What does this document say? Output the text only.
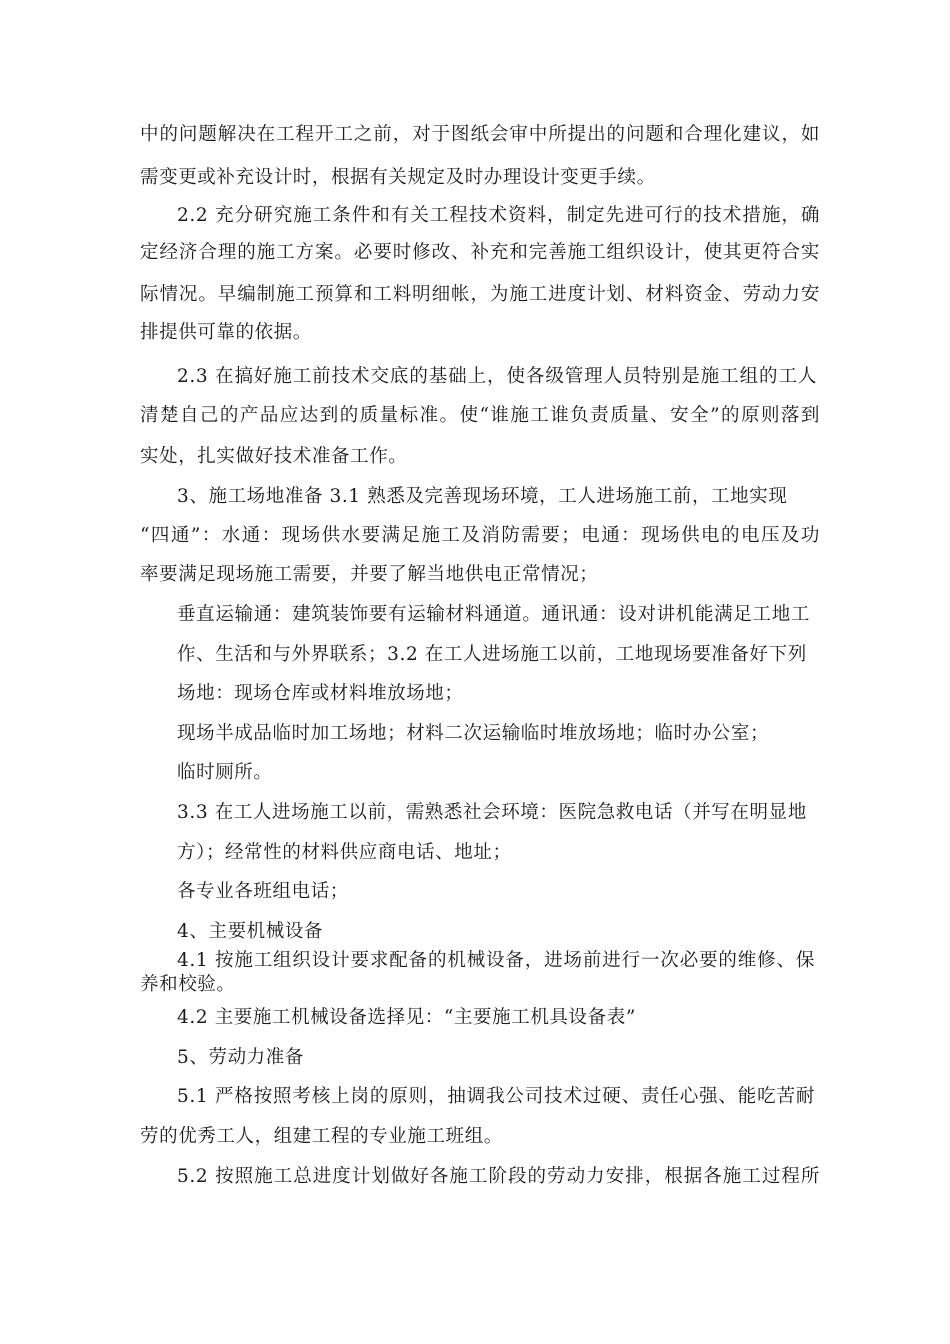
中的问题解决在工程开工之前，对于图纸会审中所提出的问题和合理化建议，如
需变更或补充设计时，根据有关规定及时办理设计变更手续。
2.2 充分研究施工条件和有关工程技术资料，制定先进可行的技术措施，确
定经济合理的施工方案。必要时修改、补充和完善施工组织设计，使其更符合实
际情况。早编制施工预算和工料明细帐，为施工进度计划、材料资金、劳动力安
排提供可靠的依据。
2.3 在搞好施工前技术交底的基础上，使各级管理人员特别是施工组的工人
清楚自己的产品应达到的质量标准。使“谁施工谁负责质量、安全”的原则落到
实处，扎实做好技术准备工作。
3、施工场地准备 3.1 熟悉及完善现场环境，工人进场施工前，工地实现
“四通”：水通：现场供水要满足施工及消防需要；电通：现场供电的电压及功
率要满足现场施工需要，并要了解当地供电正常情况；
垂直运输通：建筑装饰要有运输材料通道。通讯通：设对讲机能满足工地工
作、生活和与外界联系；3.2 在工人进场施工以前，工地现场要准备好下列
场地：现场仓库或材料堆放场地；
现场半成品临时加工场地；材料二次运输临时堆放场地；临时办公室；
临时厕所。
3.3 在工人进场施工以前，需熟悉社会环境：医院急救电话（并写在明显地
方）；经常性的材料供应商电话、地址；
各专业各班组电话；
4、主要机械设备
4.1 按施工组织设计要求配备的机械设备，进场前进行一次必要的维修、保
养和校验。
4.2 主要施工机械设备选择见：“主要施工机具设备表”
5、劳动力准备
5.1 严格按照考核上岗的原则，抽调我公司技术过硬、责任心强、能吃苦耐
劳的优秀工人，组建工程的专业施工班组。
5.2 按照施工总进度计划做好各施工阶段的劳动力安排，根据各施工过程所
